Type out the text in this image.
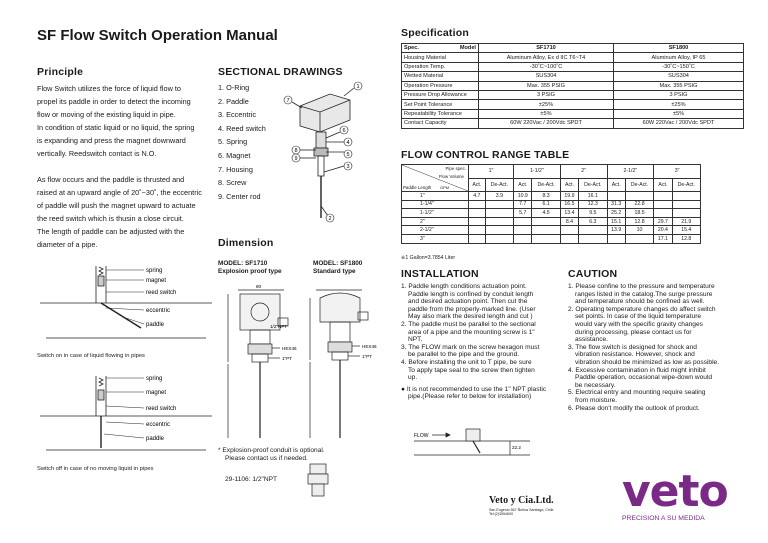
SF Flow Switch Operation Manual
Principle
Flow Switch utilizes the force of liquid flow to
propel its paddle in order to detect the incoming
flow or moving of the existing liquid in pipe.
In condition of static liquid or no liquid, the spring
is expanding and press the magnet downward
vertically. Reedswitch contact is N.O.
As flow occurs and the paddle is thrusted and
raised at an upward angle of 20˚~30˚, the eccentric
of paddle will push the magnet upward to actuate
the reed switch which is thusin a close circuit.
The length of paddle can be adjusted with the
diameter of a pipe.
spring
magnet
reed switch
eccentric
paddle
Switch on in case of liquid flowing in pipes
spring
magnet
reed switch
eccentric
paddle
Switch off in case of no moving liquid in pipes
SECTIONAL DRAWINGS
1. O-Ring
2. Paddle
3. Eccentric
4. Reed switch
5. Spring
6. Magnet
7. Housing
8. Screw
9. Center rod
7
1
6
4
5
3
8
9
2
Dimension
MODEL: SF1710
Explosion proof type
MODEL: SF1800
Standard type
HEX46
1"PT
1/2"NPT
80
HEX46
1"PT
* Explosion-proof conduit is optional.
Please contact us if needed.
29-1106: 1/2"NPT
Specification
Spec. Model	SF1710	SF1800
Housing Material	Aluminum Alloy, Ex d IIC T6~T4	Aluminum Alloy, IP 65
Operation Temp.	-30˚C~100˚C	-30˚C~150˚C
Wetted Material	SUS304	SUS304
Operation Pressure	Max. 355 PSIG	Max. 355 PSIG
Pressure Drop Allowance	3 PSIG	3 PSIG
Set Point Tolerance	±25%	±25%
Repeatability Tolerance	±5%	±5%
Contact Capacity	60W 220Vac / 200Vdc SPDT	60W 220Vac / 200Vdc SPDT
FLOW CONTROL RANGE TABLE
Pipe spec.
Flow Volume
Paddle Length GPM	1"		1-1/2"		2"		2-1/2"		3"	
	Act.	De-Act.	Act.	De-Act.	Act.	De-Act.	Act.	De-Act.	Act.	De-Act.
1"	4.7	3.9	10.9	8.3	19.9	16.1				
1-1/4"			7.7	6.1	16.5	12.3	31.3	22.8		
1-1/2"			5.7	4.5	13.4	9.5	25.2	18.5		
2"					8.4	6.3	15.1	12.8	29.7	21.9
2-1/2"							13.9	10	20.4	15.4
3"									17.1	12.8
※1 Gallon=3.7854 Liter
INSTALLATION
1. Paddle length conditions actuation point.
Paddle length is confined by conduit length
and desired actuation point. Then cut the
paddle from the properly-marked line. (User
May also mark the desired length and cut )
2. The paddle must be parallel to the sectional
area of a pipe and the mounting screw is 1"
NPT.
3. The FLOW mark on the screw hexagon must
be parallel to the pipe and the ground.
4. Before installing the unit to T pipe, be sure
To apply tape seal to the screw then tighten
up.
● It is not recommended to use the 1" NPT plastic
pipe.(Please refer to below for installation)
FLOW
22.2
CAUTION
1. Please confine to the pressure and temperature
ranges listed in the catalog.The surge pressure
and temperature should be confined as well.
2. Operating temperature changes do affect switch
set points. In case of the liquid temperature
would vary with the specific gravity changes
during processing, please contact us for
assistance.
3. The flow switch is designed for shock and
vibration resistance. However, shock and
vibration should be minimized as low as possible.
4. Excessive contamination in fluid might inhibit
Paddle operation, occasional wipe-down would
be necessary.
5. Electrical entry and mounting require sealing
from moisture.
6. Please don't modify the outlook of product.
Veto y Cia.Ltd.
San Eugenio 567 Ñuñoa Santiago, Chile
Tel:(2)3554600	veto
PRECISION A SU MEDIDA
